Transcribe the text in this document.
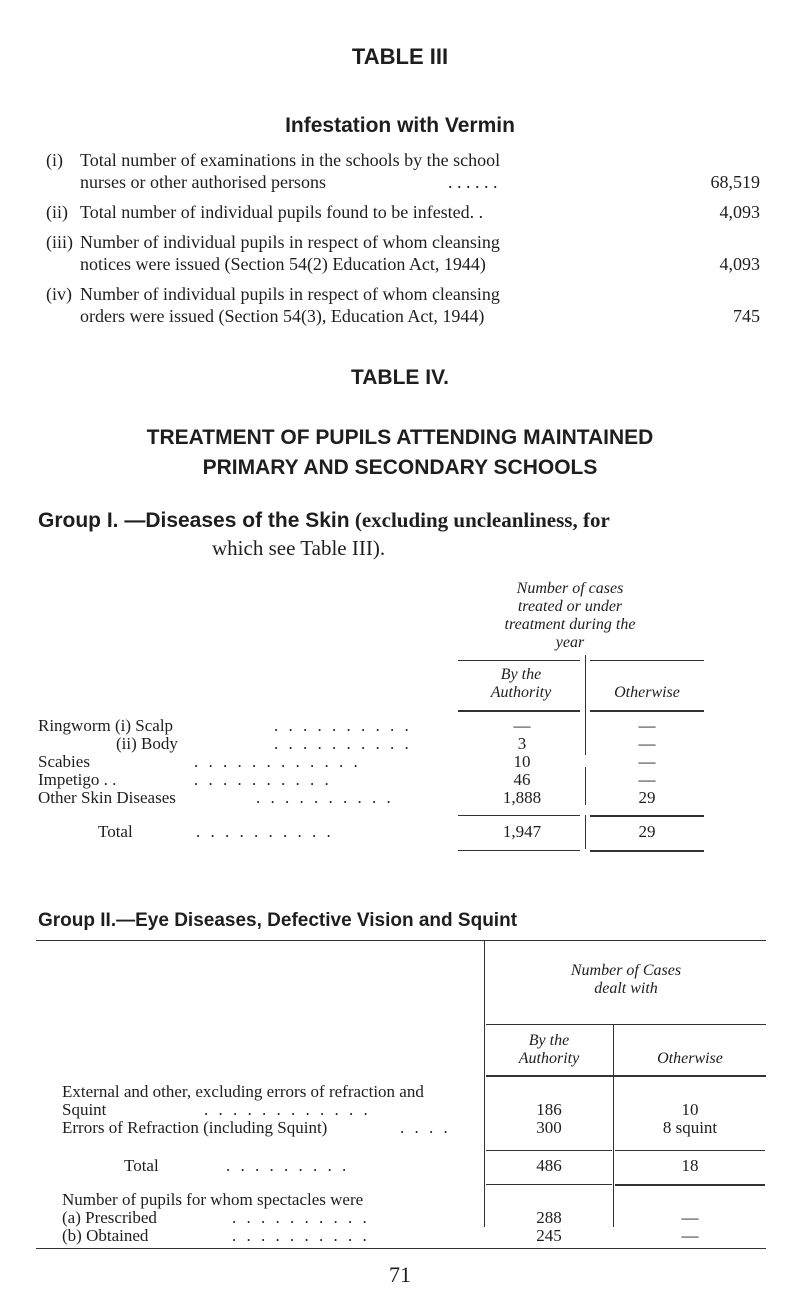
TABLE III
Infestation with Vermin
(i) Total number of examinations in the schools by the school
nurses or other authorised persons	. . . . . .	68,519
(ii) Total number of individual pupils found to be infested. .	4,093
(iii) Number of individual pupils in respect of whom cleansing
notices were issued (Section 54(2) Education Act, 1944)	4,093
(iv) Number of individual pupils in respect of whom cleansing
orders were issued (Section 54(3), Education Act, 1944)	745
TABLE IV.
TREATMENT OF PUPILS ATTENDING MAINTAINED
PRIMARY AND SECONDARY SCHOOLS
Group I. —Diseases of the Skin (excluding uncleanliness, for
which see Table III).
Number of cases
treated or under
treatment during the
year
By the
Authority	Otherwise
Ringworm (i) Scalp	. . . . . . . . . .	—	—
(ii) Body	. . . . . . . . . .	3	—
Scabies	. . . . . . . . . . . .	10	—
Impetigo . .	. . . . . . . . . .	46	—
Other Skin Diseases	. . . . . . . . . .	1,888	29
Total	. . . . . . . . . .	1,947	29
Group II.—Eye Diseases, Defective Vision and Squint
Number of Cases
dealt with
By the
Authority	Otherwise
External and other, excluding errors of refraction and
Squint	. . . . . . . . . . . .	186	10
Errors of Refraction (including Squint)	. . . .	300	8 squint
Total	. . . . . . . . .	486	18
Number of pupils for whom spectacles were
(a) Prescribed	. . . . . . . . . .	288	—
(b) Obtained	. . . . . . . . . .	245	—
71
